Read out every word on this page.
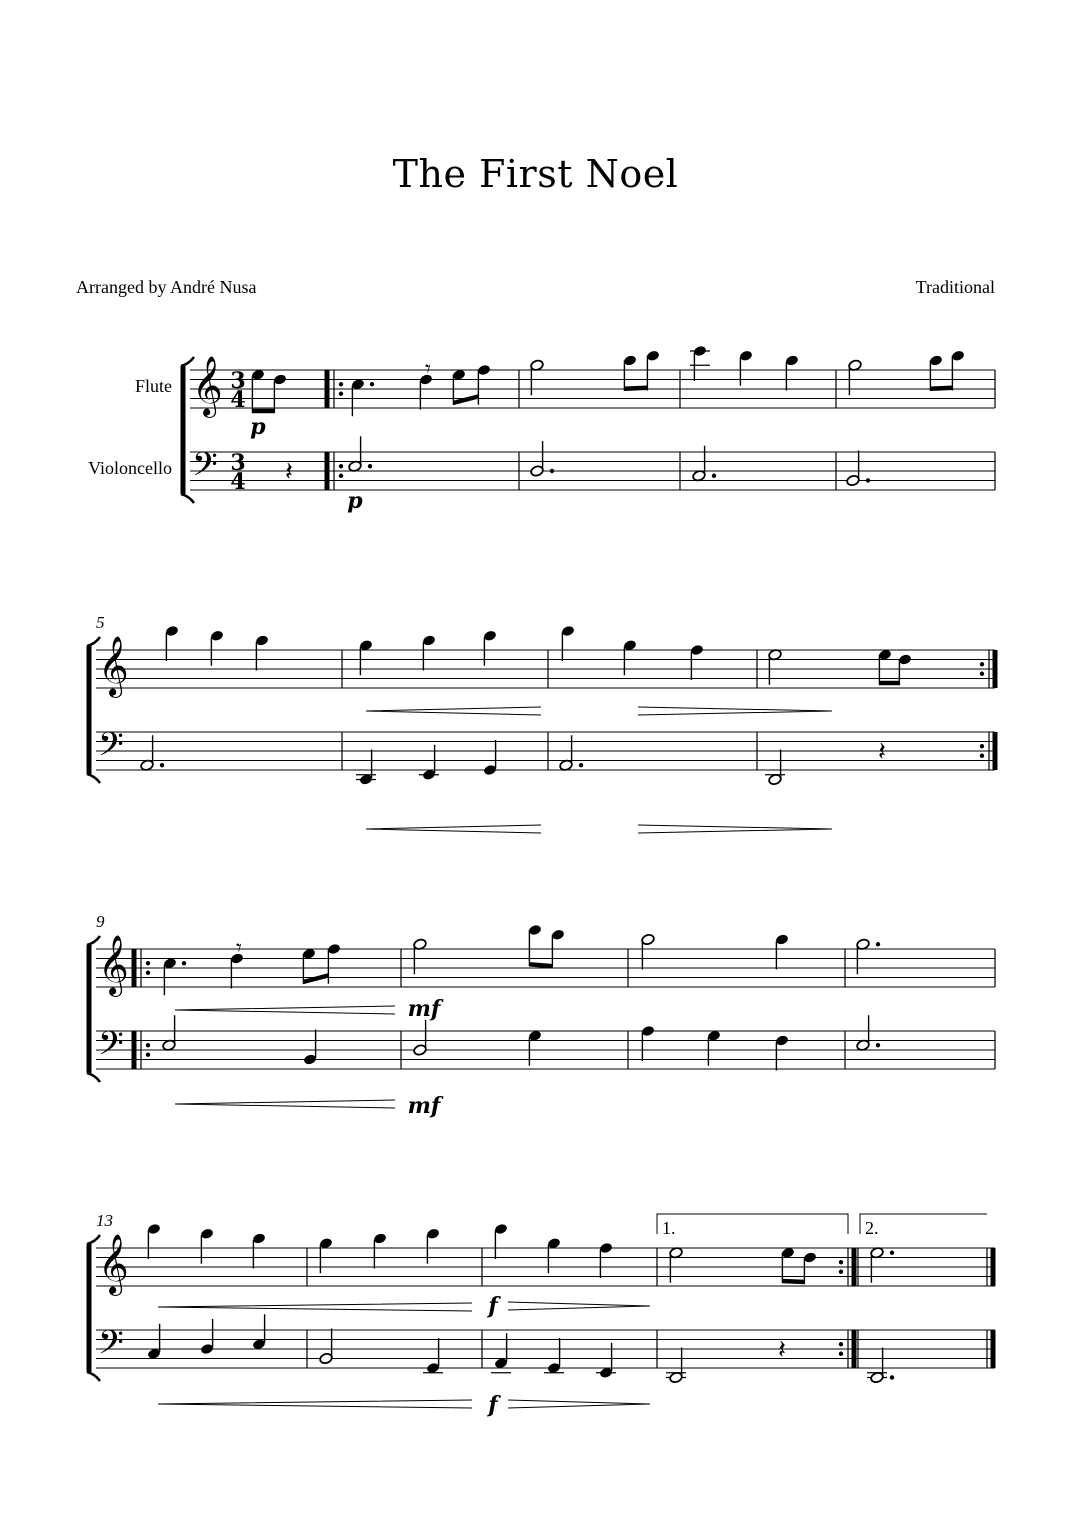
The First Noel
Arranged by André Nusa	Traditional
Flute
Violoncello
5
9
13
𝄞
𝄢
3
4
3
4
p
𝄽
𝄾
p
𝄞
𝄢	𝄽
𝄞
𝄢
𝄾
mf
mf
𝄞
𝄢
f
f
1.
𝄽
2.
